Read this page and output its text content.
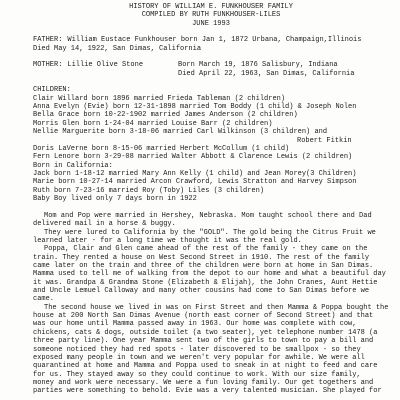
HISTORY OF WILLIAM E. FUNKHOUSER FAMILY
COMPILED BY RUTH FUNKHOUSER-LILES
JUNE 1993
FATHER: William Eustace Funkhouser born Jan 1, 1872 Urbana, Champaign,Illinois
Died May 14, 1922, San Dimas, California
MOTHER: Lillie Olive Stone	Born March 19, 1876 Salisbury, Indiana
Died April 22, 1963, San Dimas, California
CHILDREN:
Clair Willard born 1896 married Frieda Tableman (2 children)
Anna Evelyn (Evie) born 12-31-1898 married Tom Boddy (1 child) & Joseph Nolen
Bella Grace born 10-22-1902 married James Anderson (2 children)
Morris Glen born 1-24-04 married Louise Barr (2 children)
Nellie Marguerite born 3-18-06 married Carl Wilkinson (3 children) and
Robert Fitkin
Doris LaVerne born 8-15-06 married Herbert McCollum (1 child)
Fern Lenore born 3-29-08 married Walter Abbott & Clarence Lewis (2 children)
Born in California:
Jack born 1-18-12 married Mary Ann Kelly (1 child) and Jean Morey(3 Children)
Marie born 10-27-14 married Arcon Crawford, Lewis Stratton and Harvey Simpson
Ruth born 7-23-16 married Roy (Toby) Liles (3 children)
Baby Boy lived only 7 days born in 1922
Mom and Pop were married in Hershey, Nebraska. Mom taught school there and Dad
delivered mail in a horse & buggy.
They were lured to California by the "GOLD". The gold being the Citrus Fruit we
learned later - for a long time we thought it was the real gold.
Poppa, Clair and Glen came ahead of the rest of the family - they came on the
train. They rented a house on West Second Street in 1910. The rest of the family
came later on the train and three of the children were born at home in San Dimas.
Mamma used to tell me of walking from the depot to our home and what a beautiful day
it was. Grandpa & Grandma Stone (Elizabeth & Elijah), the John Cranes, Aunt Hettie
and Uncle Lemuel Calloway and many other cousins had come to San Dimas before we
came.
The second house we lived in was on First Street and then Mamma & Poppa bought the
house at 200 North San Dimas Avenue (north east corner of Second Street) and that
was our home until Mamma passed away in 1963. Our home was complete with cow,
chickens, cats & dogs, outside toilet (a two seater), yet telephone number 1478 (a
three party line). One year Mamma sent two of the girls to town to pay a bill and
someone noticed they had red spots - later discovered to be smallpox - so they
exposed many people in town and we weren't very popular for awhile. We were all
quarantined at home and Mamma and Poppa used to sneak in at night to feed and care
for us. They stayed away so they could continue to work. With our size family,
money and work were necessary. We were a fun loving family. Our get togethers and
parties were something to behold. Evie was a very talented musician. She played for
